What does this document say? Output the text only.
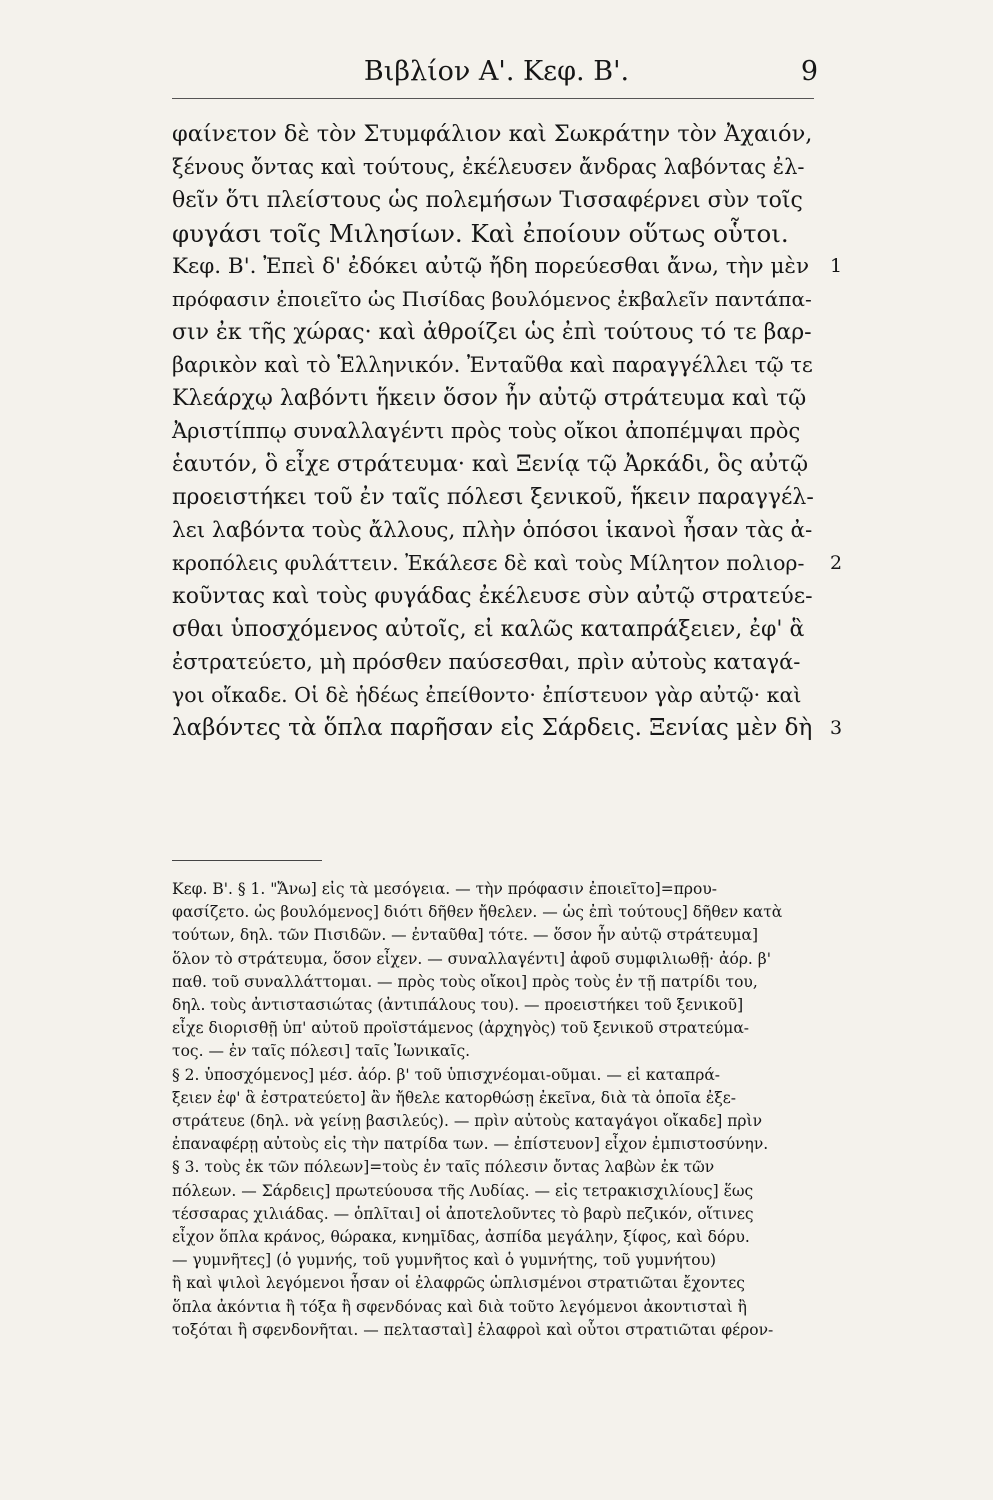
Βιβλίον Α'. Κεφ. Β'.	9
φαίνετον δὲ τὸν Στυμφάλιον καὶ Σωκράτην τὸν Ἀχαιόν,
ξένους ὄντας καὶ τούτους, ἐκέλευσεν ἄνδρας λαβόντας ἐλ-
θεῖν ὅτι πλείστους ὡς πολεμήσων Τισσαφέρνει σὺν τοῖς
φυγάσι τοῖς Μιλησίων. Καὶ ἐποίουν οὕτως οὗτοι.
Κεφ. Β'. Ἐπεὶ δ' ἐδόκει αὐτῷ ἤδη πορεύεσθαι ἄνω, τὴν μὲν
πρόφασιν ἐποιεῖτο ὡς Πισίδας βουλόμενος ἐκβαλεῖν παντάπα-
σιν ἐκ τῆς χώρας· καὶ ἀθροίζει ὡς ἐπὶ τούτους τό τε βαρ-
βαρικὸν καὶ τὸ Ἑλληνικόν. Ἐνταῦθα καὶ παραγγέλλει τῷ τε
Κλεάρχῳ λαβόντι ἥκειν ὅσον ἦν αὐτῷ στράτευμα καὶ τῷ
Ἀριστίππῳ συναλλαγέντι πρὸς τοὺς οἴκοι ἀποπέμψαι πρὸς
ἑαυτόν, ὃ εἶχε στράτευμα· καὶ Ξενίᾳ τῷ Ἀρκάδι, ὃς αὐτῷ
προειστήκει τοῦ ἐν ταῖς πόλεσι ξενικοῦ, ἥκειν παραγγέλ-
λει λαβόντα τοὺς ἄλλους, πλὴν ὁπόσοι ἱκανοὶ ἦσαν τὰς ἀ-
κροπόλεις φυλάττειν. Ἐκάλεσε δὲ καὶ τοὺς Μίλητον πολιορ-
κοῦντας καὶ τοὺς φυγάδας ἐκέλευσε σὺν αὐτῷ στρατεύε-
σθαι ὑποσχόμενος αὐτοῖς, εἰ καλῶς καταπράξειεν, ἐφ' ἃ
ἐστρατεύετο, μὴ πρόσθεν παύσεσθαι, πρὶν αὐτοὺς καταγά-
γοι οἴκαδε. Οἱ δὲ ἡδέως ἐπείθοντο· ἐπίστευον γὰρ αὐτῷ· καὶ
λαβόντες τὰ ὅπλα παρῆσαν εἰς Σάρδεις. Ξενίας μὲν δὴ
1
2
3
Κεφ. Β'. § 1. "Ἄνω] εἰς τὰ μεσόγεια. — τὴν πρόφασιν ἐποιεῖτο]=πρου-
φασίζετο. ὡς βουλόμενος] διότι δῆθεν ἤθελεν. — ὡς ἐπὶ τούτους] δῆθεν κατὰ
τούτων, δηλ. τῶν Πισιδῶν. — ἐνταῦθα] τότε. — ὅσον ἦν αὐτῷ στράτευμα]
ὅλον τὸ στράτευμα, ὅσον εἶχεν. — συναλλαγέντι] ἀφοῦ συμφιλιωθῇ· ἀόρ. β'
παθ. τοῦ συναλλάττομαι. — πρὸς τοὺς οἴκοι] πρὸς τοὺς ἐν τῇ πατρίδι του,
δηλ. τοὺς ἀντιστασιώτας (ἀντιπάλους του). — προειστήκει τοῦ ξενικοῦ]
εἶχε διορισθῇ ὑπ' αὐτοῦ προϊστάμενος (ἀρχηγὸς) τοῦ ξενικοῦ στρατεύμα-
τος. — ἐν ταῖς πόλεσι] ταῖς Ἰωνικαῖς.
§ 2. ὑποσχόμενος] μέσ. ἀόρ. β' τοῦ ὑπισχνέομαι-οῦμαι. — εἰ καταπρά-
ξειεν ἐφ' ἃ ἐστρατεύετο] ἂν ἤθελε κατορθώσῃ ἐκεῖνα, διὰ τὰ ὁποῖα ἐξε-
στράτευε (δηλ. νὰ γείνῃ βασιλεύς). — πρὶν αὐτοὺς καταγάγοι οἴκαδε] πρὶν
ἐπαναφέρῃ αὐτοὺς εἰς τὴν πατρίδα των. — ἐπίστευον] εἶχον ἐμπιστοσύνην.
§ 3. τοὺς ἐκ τῶν πόλεων]=τοὺς ἐν ταῖς πόλεσιν ὄντας λαβὼν ἐκ τῶν
πόλεων. — Σάρδεις] πρωτεύουσα τῆς Λυδίας. — εἰς τετρακισχιλίους] ἕως
τέσσαρας χιλιάδας. — ὁπλῖται] οἱ ἀποτελοῦντες τὸ βαρὺ πεζικόν, οἵτινες
εἶχον ὅπλα κράνος, θώρακα, κνημῖδας, ἀσπίδα μεγάλην, ξίφος, καὶ δόρυ.
— γυμνῆτες] (ὁ γυμνής, τοῦ γυμνῆτος καὶ ὁ γυμνήτης, τοῦ γυμνήτου)
ἢ καὶ ψιλοὶ λεγόμενοι ἦσαν οἱ ἐλαφρῶς ὡπλισμένοι στρατιῶται ἔχοντες
ὅπλα ἀκόντια ἢ τόξα ἢ σφενδόνας καὶ διὰ τοῦτο λεγόμενοι ἀκοντισταὶ ἢ
τοξόται ἢ σφενδονῆται. — πελτασταὶ] ἐλαφροὶ καὶ οὗτοι στρατιῶται φέρον-
